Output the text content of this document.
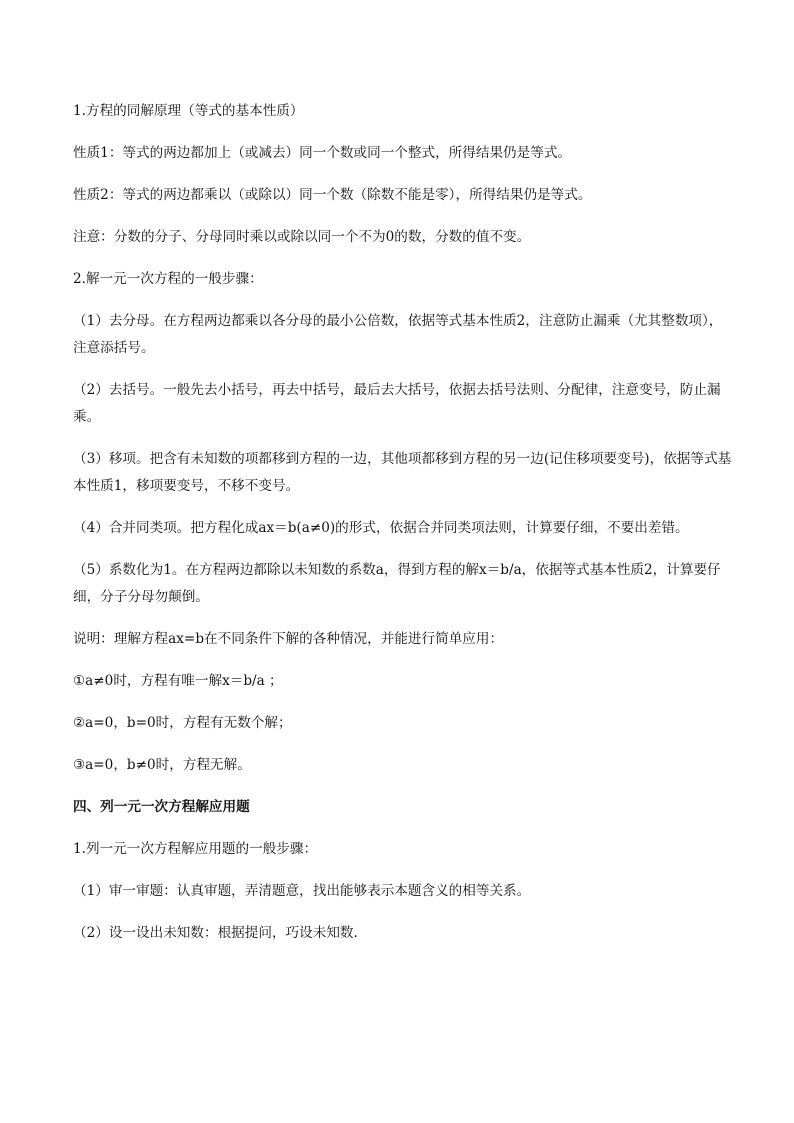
1.方程的同解原理（等式的基本性质）

性质1：等式的两边都加上（或减去）同一个数或同一个整式，所得结果仍是等式。

性质2：等式的两边都乘以（或除以）同一个数（除数不能是零），所得结果仍是等式。

注意：分数的分子、分母同时乘以或除以同一个不为0的数，分数的值不变。

2.解一元一次方程的一般步骤：

（1）去分母。在方程两边都乘以各分母的最小公倍数，依据等式基本性质2，注意防止漏乘（尤其整数项），注意添括号。

（2）去括号。一般先去小括号，再去中括号，最后去大括号，依据去括号法则、分配律，注意变号，防止漏乘。

（3）移项。把含有未知数的项都移到方程的一边，其他项都移到方程的另一边(记住移项要变号)，依据等式基本性质1，移项要变号，不移不变号。

（4）合并同类项。把方程化成ax＝b(a≠0)的形式，依据合并同类项法则，计算要仔细，不要出差错。

（5）系数化为1。在方程两边都除以未知数的系数a，得到方程的解x＝b/a，依据等式基本性质2，计算要仔细，分子分母勿颠倒。

说明：理解方程ax=b在不同条件下解的各种情况，并能进行简单应用：

①a≠0时，方程有唯一解x＝b/a ；

②a=0，b=0时，方程有无数个解；

③a=0，b≠0时，方程无解。

四、列一元一次方程解应用题

1.列一元一次方程解应用题的一般步骤：

（1）审一审题：认真审题，弄清题意，找出能够表示本题含义的相等关系。

（2）设一设出未知数：根据提问，巧设未知数.
